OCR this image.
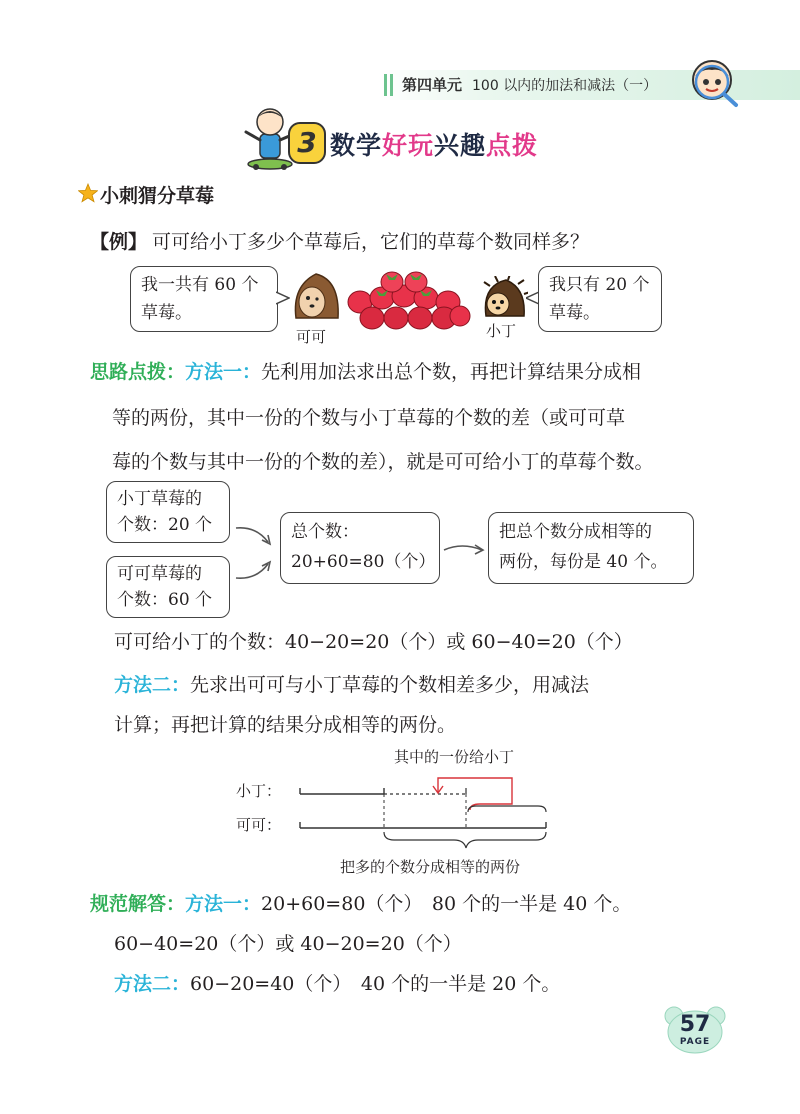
第四单元 100 以内的加法和减法（一）
3 数学好玩兴趣点拨
小刺猬分草莓
【例】 可可给小丁多少个草莓后，它们的草莓个数同样多？
我一共有 60 个
草莓。
可可	小丁
我只有 20 个
草莓。
思路点拨：方法一：先利用加法求出总个数，再把计算结果分成相
等的两份，其中一份的个数与小丁草莓的个数的差（或可可草
莓的个数与其中一份的个数的差），就是可可给小丁的草莓个数。
小丁草莓的
个数：20 个
可可草莓的
个数：60 个
总个数：
20+60=80（个）
把总个数分成相等的
两份，每份是 40 个。
可可给小丁的个数：40−20=20（个）或 60−40=20（个）
方法二：先求出可可与小丁草莓的个数相差多少，用减法
计算；再把计算的结果分成相等的两份。
其中的一份给小丁
小丁：
可可：
把多的个数分成相等的两份
规范解答：方法一：20+60=80（个）　80 个的一半是 40 个。
60−40=20（个）或 40−20=20（个）
方法二：60−20=40（个）　40 个的一半是 20 个。
57
PAGE
